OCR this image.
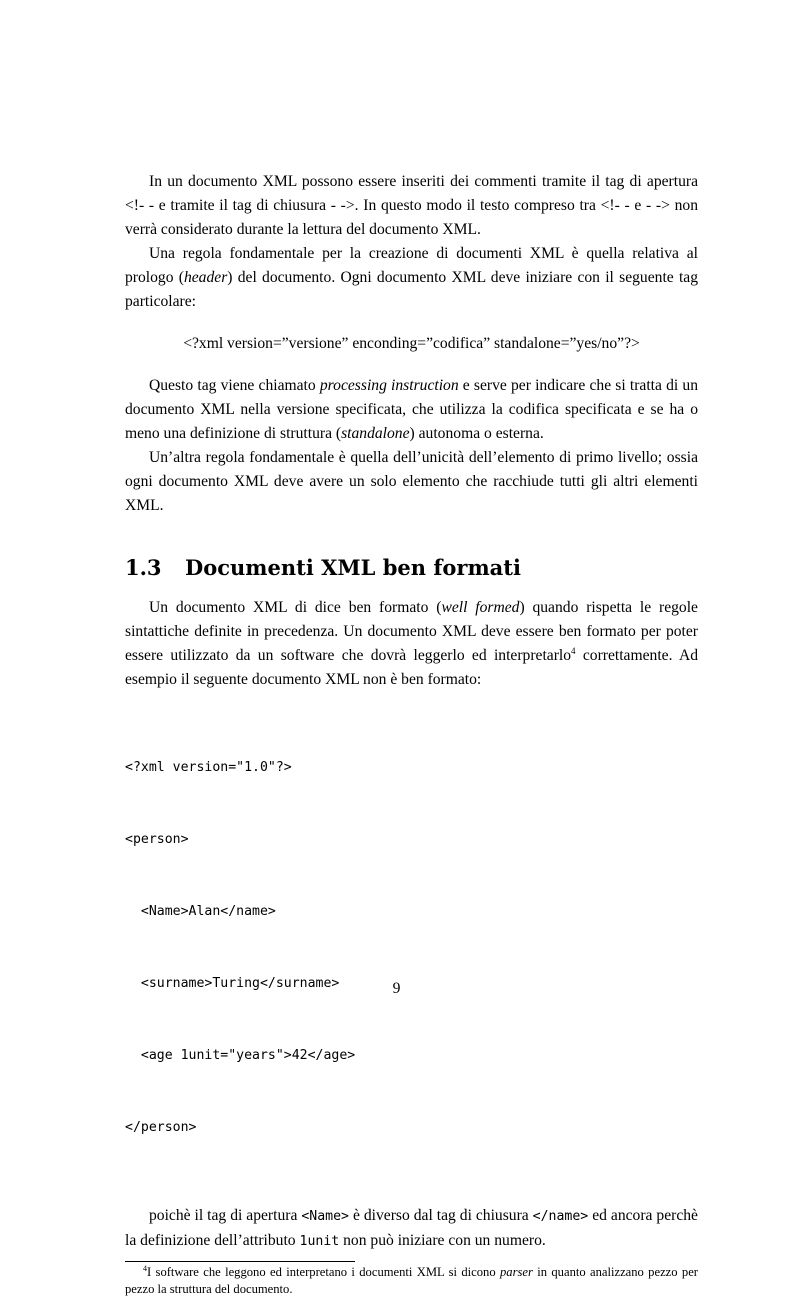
In un documento XML possono essere inseriti dei commenti tramite il tag di apertura <!- - e tramite il tag di chiusura - ->. In questo modo il testo compreso tra <!- - e - -> non verrà considerato durante la lettura del documento XML.

Una regola fondamentale per la creazione di documenti XML è quella relativa al prologo (header) del documento. Ogni documento XML deve iniziare con il seguente tag particolare:

<?xml version=”versione” enconding=”codifica” standalone=”yes/no”?>

Questo tag viene chiamato processing instruction e serve per indicare che si tratta di un documento XML nella versione specificata, che utilizza la codifica specificata e se ha o meno una definizione di struttura (standalone) autonoma o esterna.

Un’altra regola fondamentale è quella dell’unicità dell’elemento di primo livello; ossia ogni documento XML deve avere un solo elemento che racchiude tutti gli altri elementi XML.

1.3 Documenti XML ben formati

Un documento XML di dice ben formato (well formed) quando rispetta le regole sintattiche definite in precedenza. Un documento XML deve essere ben formato per poter essere utilizzato da un software che dovrà leggerlo ed interpretarlo$^4$ correttamente. Ad esempio il seguente documento XML non è ben formato:

<?xml version="1.0"?>

<person>

<Name>Alan</name>

<surname>Turing</surname>

<age 1unit="years">42</age>

</person>

poichè il tag di apertura <Name> è diverso dal tag di chiusura </name> ed ancora perchè la definizione dell’attributo 1unit non può iniziare con un numero.

$^4$I software che leggono ed interpretano i documenti XML si dicono parser in quanto analizzano pezzo per pezzo la struttura del documento.
9
